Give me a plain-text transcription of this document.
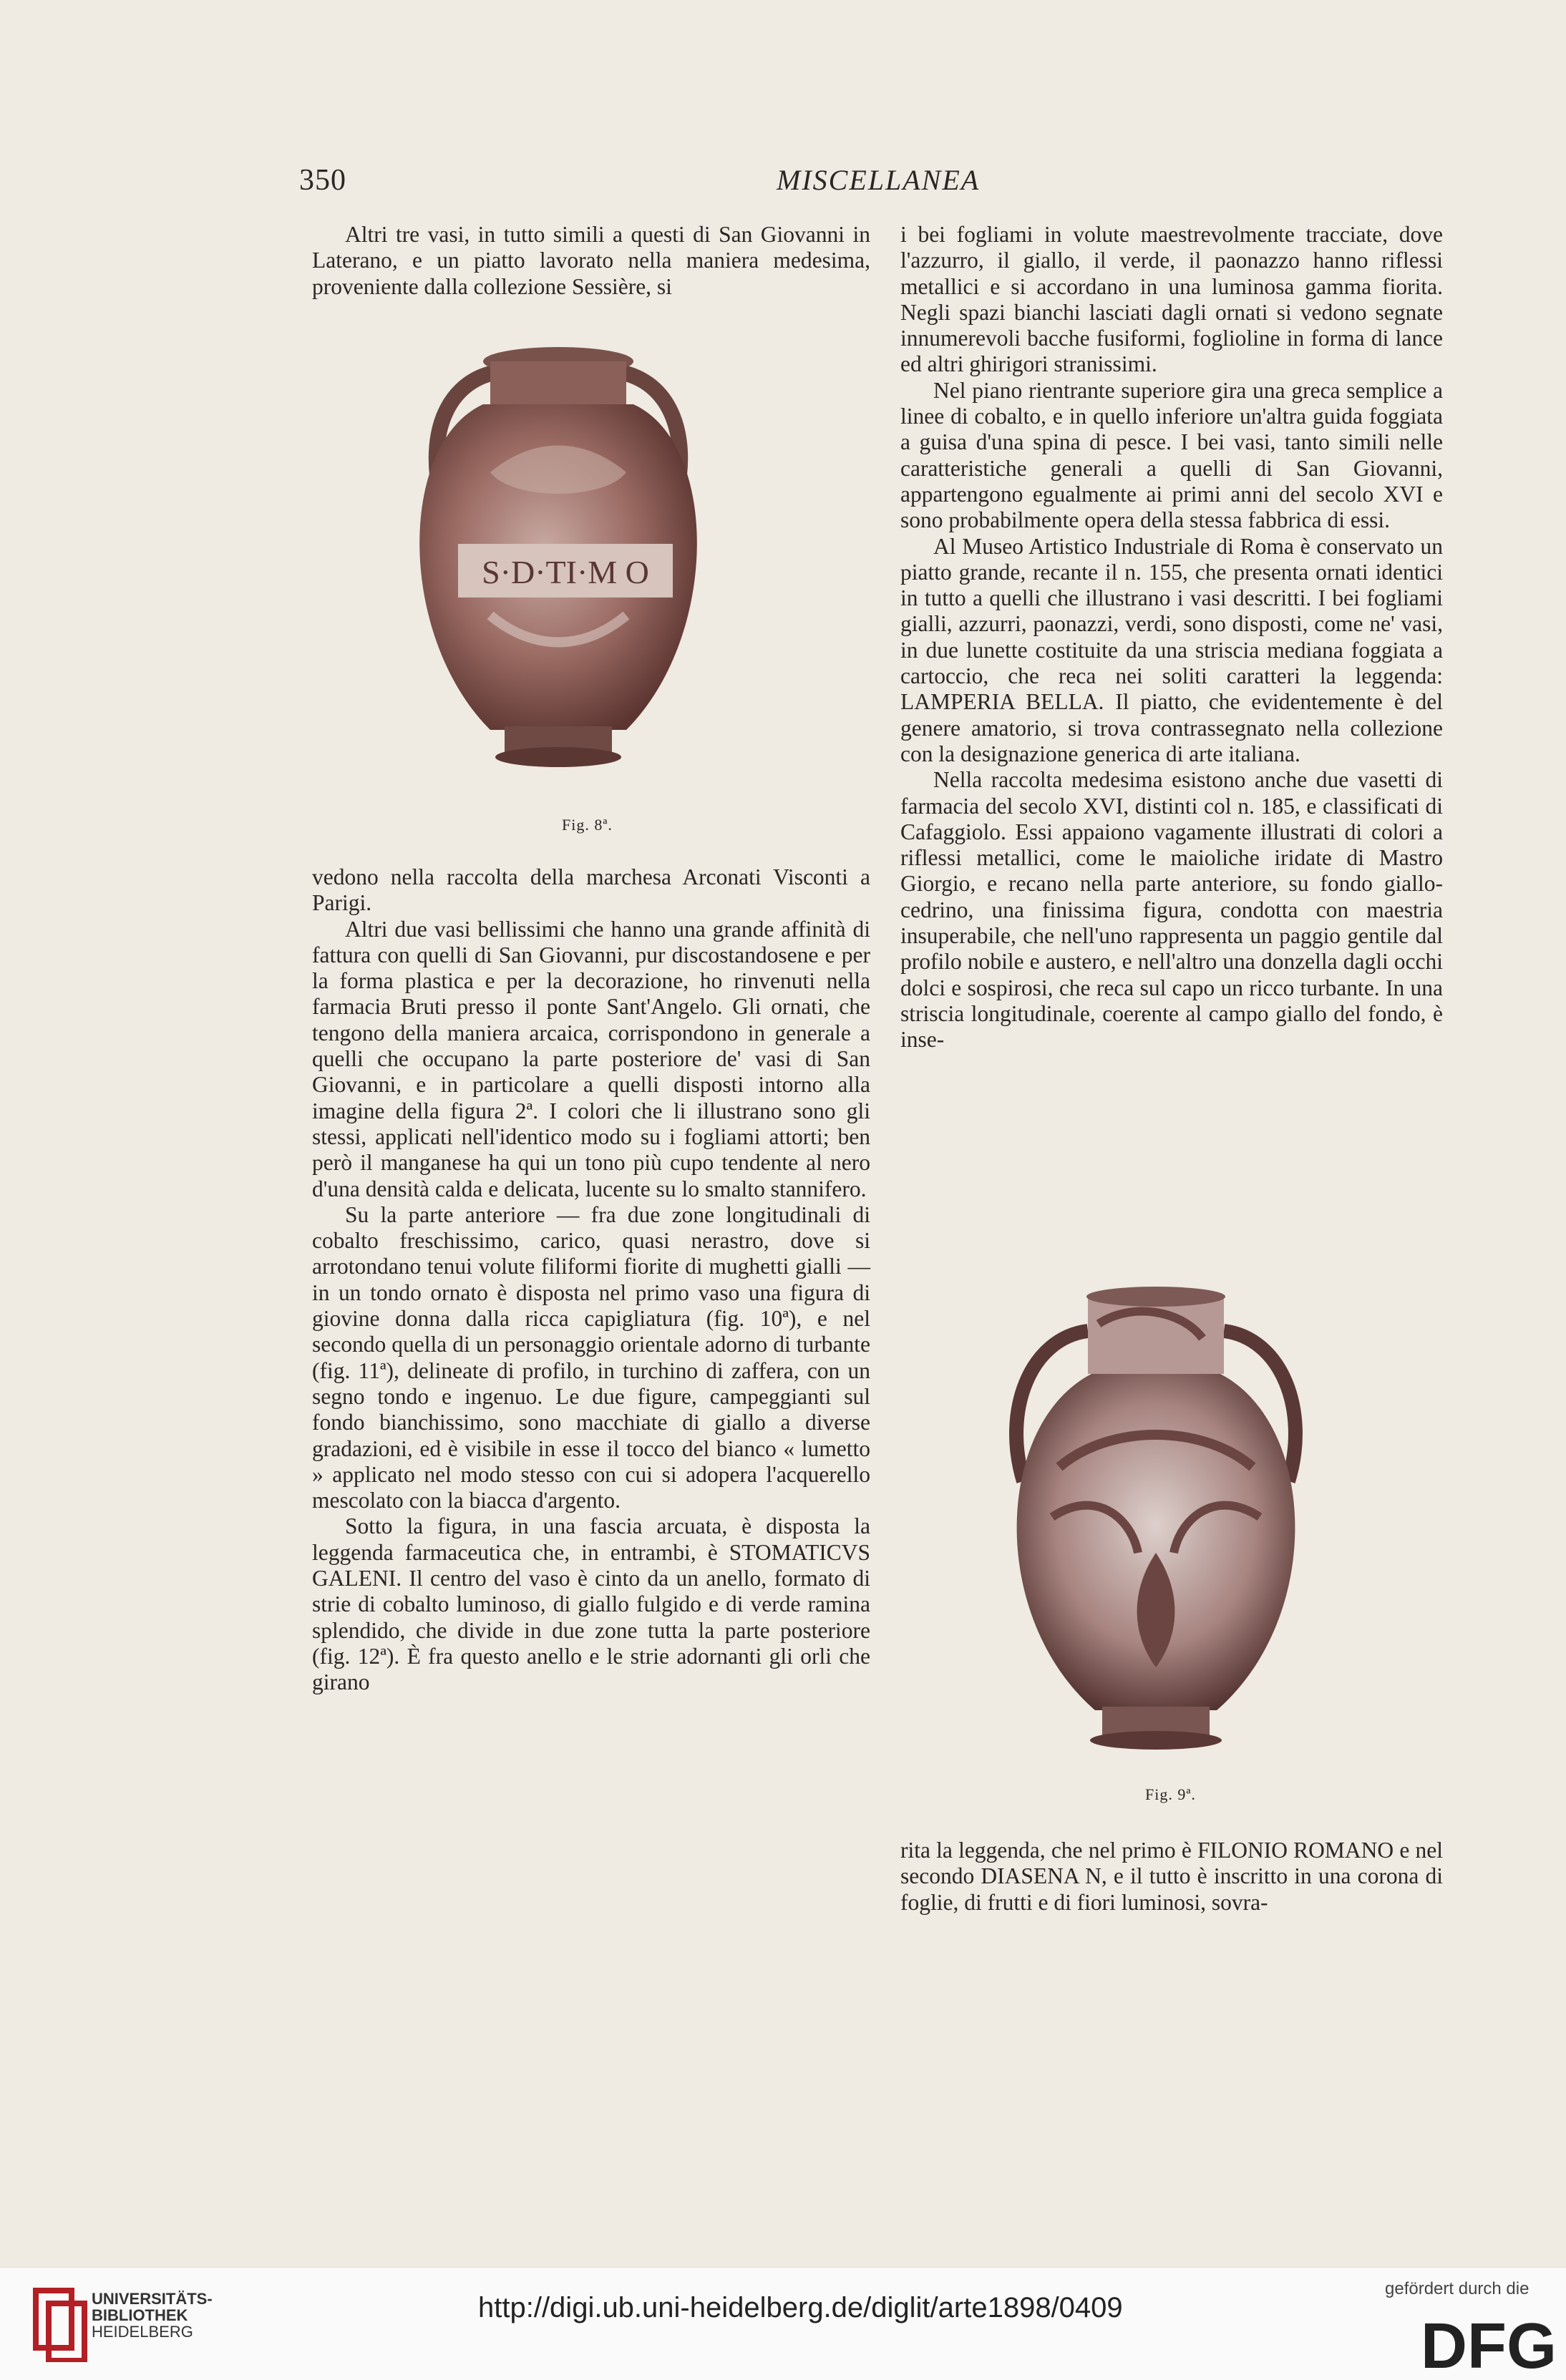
350	MISCELLANEA

Altri tre vasi, in tutto simili a questi di San Giovanni in Laterano, e un piatto lavorato nella maniera medesima, proveniente dalla collezione Sessière, si

S·D·TI·M O
Fig. 8ª.

vedono nella raccolta della marchesa Arconati Visconti a Parigi.

Altri due vasi bellissimi che hanno una grande affinità di fattura con quelli di San Giovanni, pur discostandosene e per la forma plastica e per la decorazione, ho rinvenuti nella farmacia Bruti presso il ponte Sant'Angelo. Gli ornati, che tengono della maniera arcaica, corrispondono in generale a quelli che occupano la parte posteriore de' vasi di San Giovanni, e in particolare a quelli disposti intorno alla imagine della figura 2ª. I colori che li illustrano sono gli stessi, applicati nell'identico modo su i fogliami attorti; ben però il manganese ha qui un tono più cupo tendente al nero d'una densità calda e delicata, lucente su lo smalto stannifero.

Su la parte anteriore — fra due zone longitudinali di cobalto freschissimo, carico, quasi nerastro, dove si arrotondano tenui volute filiformi fiorite di mughetti gialli — in un tondo ornato è disposta nel primo vaso una figura di giovine donna dalla ricca capigliatura (fig. 10ª), e nel secondo quella di un personaggio orientale adorno di turbante (fig. 11ª), delineate di profilo, in turchino di zaffera, con un segno tondo e ingenuo. Le due figure, campeggianti sul fondo bianchissimo, sono macchiate di giallo a diverse gradazioni, ed è visibile in esse il tocco del bianco « lumetto » applicato nel modo stesso con cui si adopera l'acquerello mescolato con la biacca d'argento.

Sotto la figura, in una fascia arcuata, è disposta la leggenda farmaceutica che, in entrambi, è STOMATICVS GALENI. Il centro del vaso è cinto da un anello, formato di strie di cobalto luminoso, di giallo fulgido e di verde ramina splendido, che divide in due zone tutta la parte posteriore (fig. 12ª). È fra questo anello e le strie adornanti gli orli che girano

i bei fogliami in volute maestrevolmente tracciate, dove l'azzurro, il giallo, il verde, il paonazzo hanno riflessi metallici e si accordano in una luminosa gamma fiorita. Negli spazi bianchi lasciati dagli ornati si vedono segnate innumerevoli bacche fusiformi, foglioline in forma di lance ed altri ghirigori stranissimi.

Nel piano rientrante superiore gira una greca semplice a linee di cobalto, e in quello inferiore un'altra guida foggiata a guisa d'una spina di pesce. I bei vasi, tanto simili nelle caratteristiche generali a quelli di San Giovanni, appartengono egualmente ai primi anni del secolo XVI e sono probabilmente opera della stessa fabbrica di essi.

Al Museo Artistico Industriale di Roma è conservato un piatto grande, recante il n. 155, che presenta ornati identici in tutto a quelli che illustrano i vasi descritti. I bei fogliami gialli, azzurri, paonazzi, verdi, sono disposti, come ne' vasi, in due lunette costituite da una striscia mediana foggiata a cartoccio, che reca nei soliti caratteri la leggenda: LAMPERIA BELLA. Il piatto, che evidentemente è del genere amatorio, si trova contrassegnato nella collezione con la designazione generica di arte italiana.

Nella raccolta medesima esistono anche due vasetti di farmacia del secolo XVI, distinti col n. 185, e classificati di Cafaggiolo. Essi appaiono vagamente illustrati di colori a riflessi metallici, come le maioliche iridate di Mastro Giorgio, e recano nella parte anteriore, su fondo giallo-cedrino, una finissima figura, condotta con maestria insuperabile, che nell'uno rappresenta un paggio gentile dal profilo nobile e austero, e nell'altro una donzella dagli occhi dolci e sospirosi, che reca sul capo un ricco turbante. In una striscia longitudinale, coerente al campo giallo del fondo, è inse-

Fig. 9ª.

rita la leggenda, che nel primo è FILONIO ROMANO e nel secondo DIASENA N, e il tutto è inscritto in una corona di foglie, di frutti e di fiori luminosi, sovra-

UNIVERSITÄTS-
BIBLIOTHEK
HEIDELBERG
http://digi.ub.uni-heidelberg.de/diglit/arte1898/0409
gefördert durch die
DFG
